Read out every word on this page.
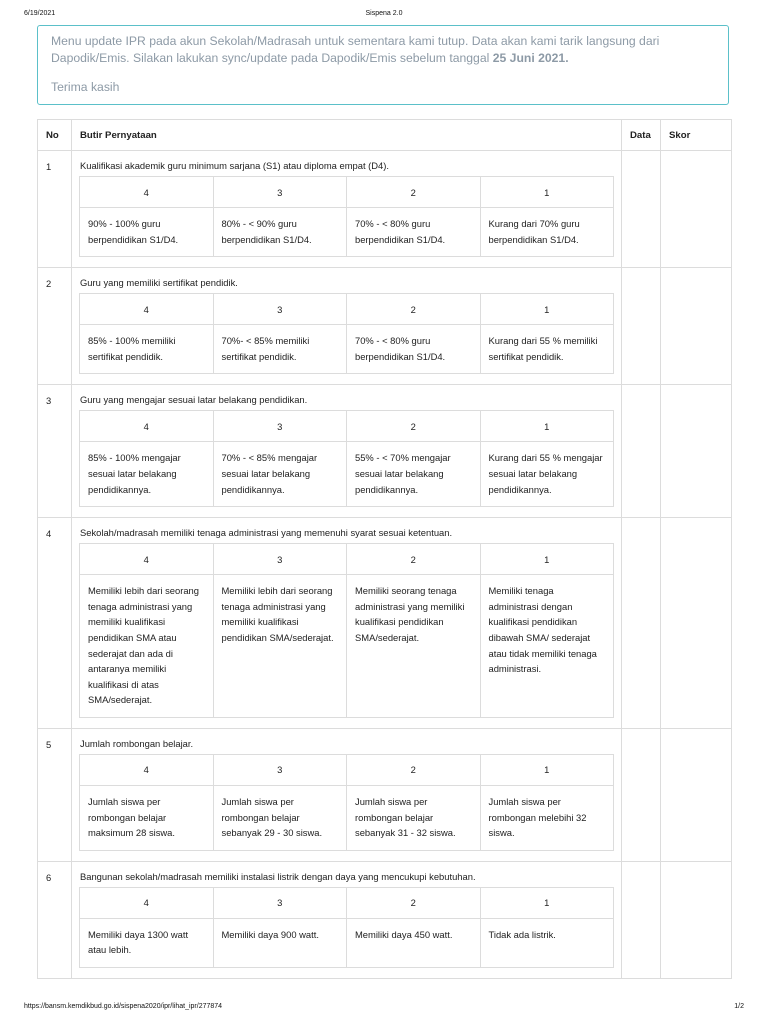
6/19/2021	Sispena 2.0
Menu update IPR pada akun Sekolah/Madrasah untuk sementara kami tutup. Data akan kami tarik langsung dari
Dapodik/Emis. Silakan lakukan sync/update pada Dapodik/Emis sebelum tanggal 25 Juni 2021.
Terima kasih
No	Butir Pernyataan	Data	Skor
1	Kualifikasi akademik guru minimum sarjana (S1) atau diploma empat (D4).
4	3	2	1
90% - 100% guru berpendidikan S1/D4.	80% - < 90% guru berpendidikan S1/D4.	70% - < 80% guru berpendidikan S1/D4.	Kurang dari 70% guru berpendidikan S1/D4.

2	Guru yang memiliki sertifikat pendidik.
4	3	2	1
85% - 100% memiliki sertifikat pendidik.	70%- < 85% memiliki sertifikat pendidik.	70% - < 80% guru berpendidikan S1/D4.	Kurang dari 55 % memiliki sertifikat pendidik.

3	Guru yang mengajar sesuai latar belakang pendidikan.
4	3	2	1
85% - 100% mengajar sesuai latar belakang pendidikannya.	70% - < 85% mengajar sesuai latar belakang pendidikannya.	55% - < 70% mengajar sesuai latar belakang pendidikannya.	Kurang dari 55 % mengajar sesuai latar belakang pendidikannya.

4	Sekolah/madrasah memiliki tenaga administrasi yang memenuhi syarat sesuai ketentuan.
4	3	2	1
Memiliki lebih dari seorang tenaga administrasi yang memiliki kualifikasi pendidikan SMA atau sederajat dan ada di antaranya memiliki kualifikasi di atas SMA/sederajat.	Memiliki lebih dari seorang tenaga administrasi yang memiliki kualifikasi pendidikan SMA/sederajat.	Memiliki seorang tenaga administrasi yang memiliki kualifikasi pendidikan SMA/sederajat.	Memiliki tenaga administrasi dengan kualifikasi pendidikan dibawah SMA/ sederajat atau tidak memiliki tenaga administrasi.

5	Jumlah rombongan belajar.
4	3	2	1
Jumlah siswa per rombongan belajar maksimum 28 siswa.	Jumlah siswa per rombongan belajar sebanyak 29 - 30 siswa.	Jumlah siswa per rombongan belajar sebanyak 31 - 32 siswa.	Jumlah siswa per rombongan melebihi 32 siswa.

6	Bangunan sekolah/madrasah memiliki instalasi listrik dengan daya yang mencukupi kebutuhan.
4	3	2	1
Memiliki daya 1300 watt atau lebih.	Memiliki daya 900 watt.	Memiliki daya 450 watt.	Tidak ada listrik.

https://bansm.kemdikbud.go.id/sispena2020/ipr/lihat_ipr/277874	1/2
